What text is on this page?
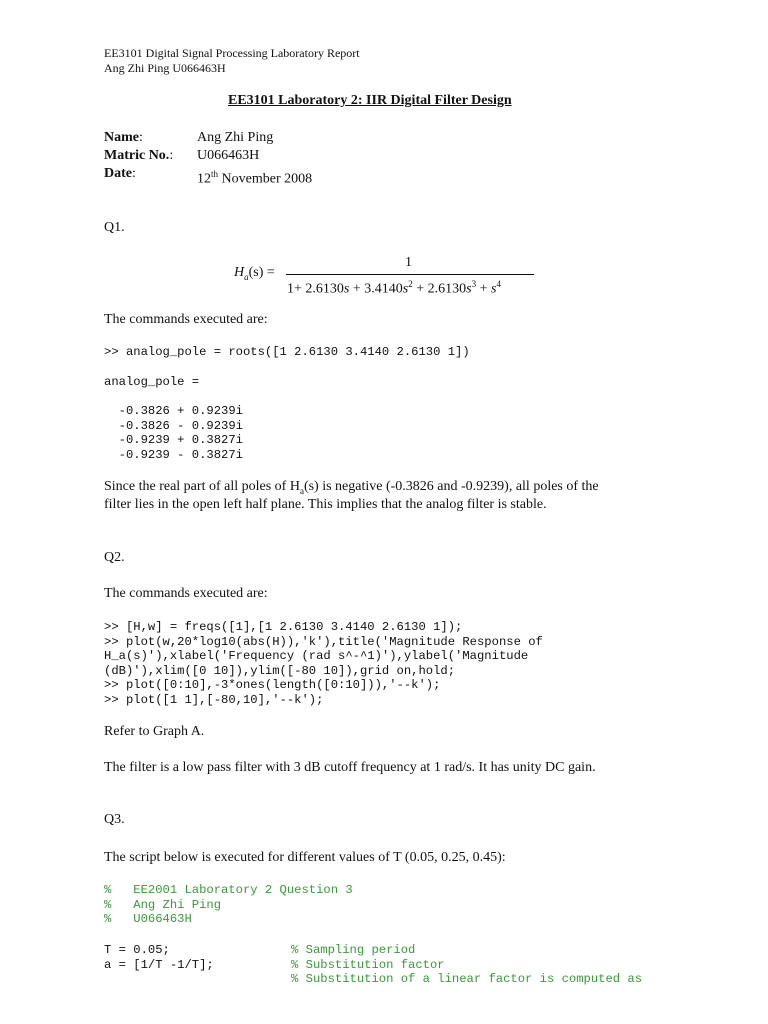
EE3101 Digital Signal Processing Laboratory Report
Ang Zhi Ping U066463H
EE3101 Laboratory 2: IIR Digital Filter Design
Name:	Ang Zhi Ping
Matric No.: U066463H
Date:	12th November 2008
Q1.
$H_a(s)$ =
1
$1+ 2.6130s + 3.4140s^2 + 2.6130s^3 + s^4$
The commands executed are:
>> analog_pole = roots([1 2.6130 3.4140 2.6130 1])
analog_pole =
-0.3826 + 0.9239i
-0.3826 - 0.9239i
-0.9239 + 0.3827i
-0.9239 - 0.3827i
Since the real part of all poles of $H_a(s)$ is negative (-0.3826 and -0.9239), all poles of the
filter lies in the open left half plane. This implies that the analog filter is stable.
Q2.
The commands executed are:
>> [H,w] = freqs([1],[1 2.6130 3.4140 2.6130 1]);
>> plot(w,20*log10(abs(H)),'k'),title('Magnitude Response of
H_a(s)'),xlabel('Frequency (rad s^-^1)'),ylabel('Magnitude
(dB)'),xlim([0 10]),ylim([-80 10]),grid on,hold;
>> plot([0:10],-3*ones(length([0:10])),'--k');
>> plot([1 1],[-80,10],'--k');
Refer to Graph A.
The filter is a low pass filter with 3 dB cutoff frequency at 1 rad/s. It has unity DC gain.
Q3.
The script below is executed for different values of T (0.05, 0.25, 0.45):
%   EE2001 Laboratory 2 Question 3
%   Ang Zhi Ping
%   U066463H
T = 0.05;	% Sampling period
a = [1/T -1/T];	% Substitution factor
% Substitution of a linear factor is computed as
